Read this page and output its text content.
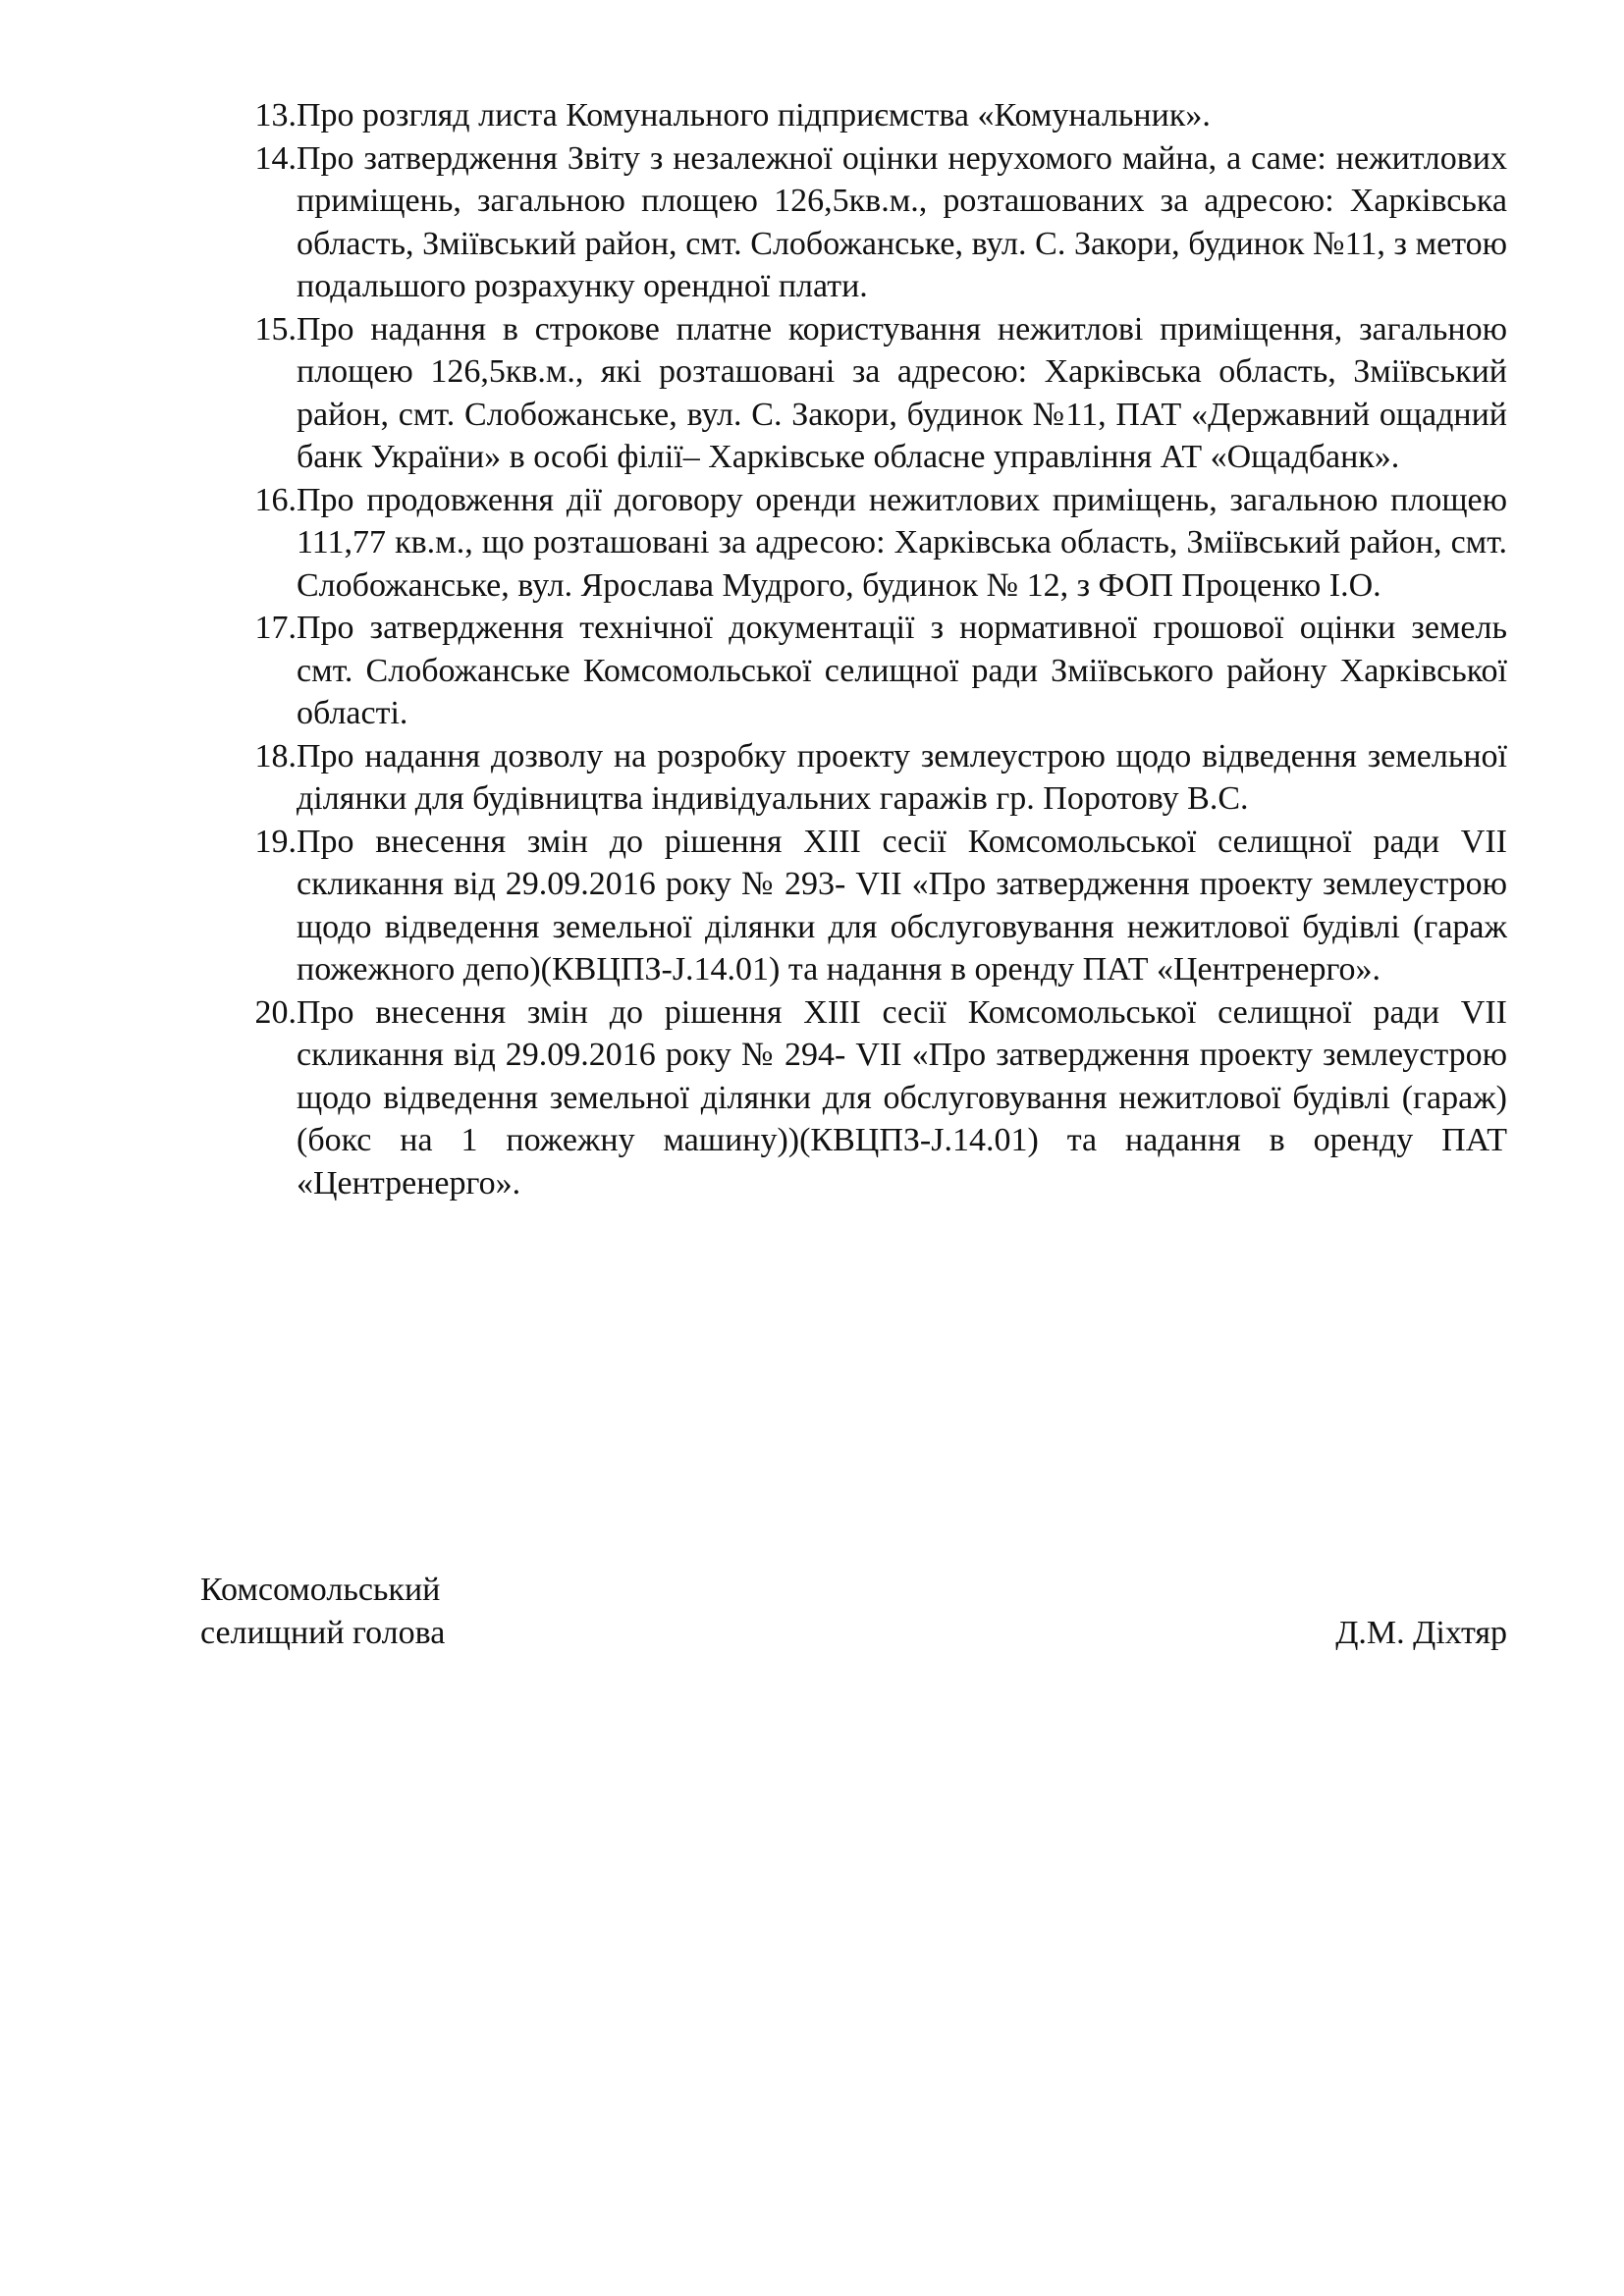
13. Про розгляд листа Комунального підприємства «Комунальник».
14. Про затвердження Звіту з незалежної оцінки нерухомого майна, а саме: нежитлових приміщень, загальною площею 126,5кв.м., розташованих за адресою: Харківська область, Зміївський район, смт. Слобожанське, вул. С. Закори, будинок №11, з метою подальшого розрахунку орендної плати.
15. Про надання в строкове платне користування нежитлові приміщення, загальною площею 126,5кв.м., які розташовані за адресою: Харківська область, Зміївський район, смт. Слобожанське, вул. С. Закори, будинок №11, ПАТ «Державний ощадний банк України» в особі філії– Харківське обласне управління АТ «Ощадбанк».
16. Про продовження дії договору оренди нежитлових приміщень, загальною площею 111,77 кв.м., що розташовані за адресою: Харківська область, Зміївський район, смт. Слобожанське, вул. Ярослава Мудрого, будинок № 12, з ФОП Проценко І.О.
17. Про затвердження технічної документації з нормативної грошової оцінки земель смт. Слобожанське Комсомольської селищної ради Зміївського району Харківської області.
18. Про надання дозволу на розробку проекту землеустрою щодо відведення земельної ділянки для будівництва індивідуальних гаражів гр. Поротову В.С.
19. Про внесення змін до рішення ХІІІ сесії Комсомольської селищної ради VІІ скликання від 29.09.2016 року № 293- VІІ «Про затвердження проекту землеустрою щодо відведення земельної ділянки для обслуговування нежитлової будівлі (гараж пожежного депо)(КВЦПЗ-J.14.01) та надання в оренду ПАТ «Центренерго».
20. Про внесення змін до рішення ХІІІ сесії Комсомольської селищної ради VІІ скликання від 29.09.2016 року № 294- VІІ «Про затвердження проекту землеустрою щодо відведення земельної ділянки для обслуговування нежитлової будівлі (гараж) (бокс на 1 пожежну машину))(КВЦПЗ-J.14.01) та надання в оренду ПАТ «Центренерго».
Комсомольський
селищний голова	Д.М. Діхтяр
